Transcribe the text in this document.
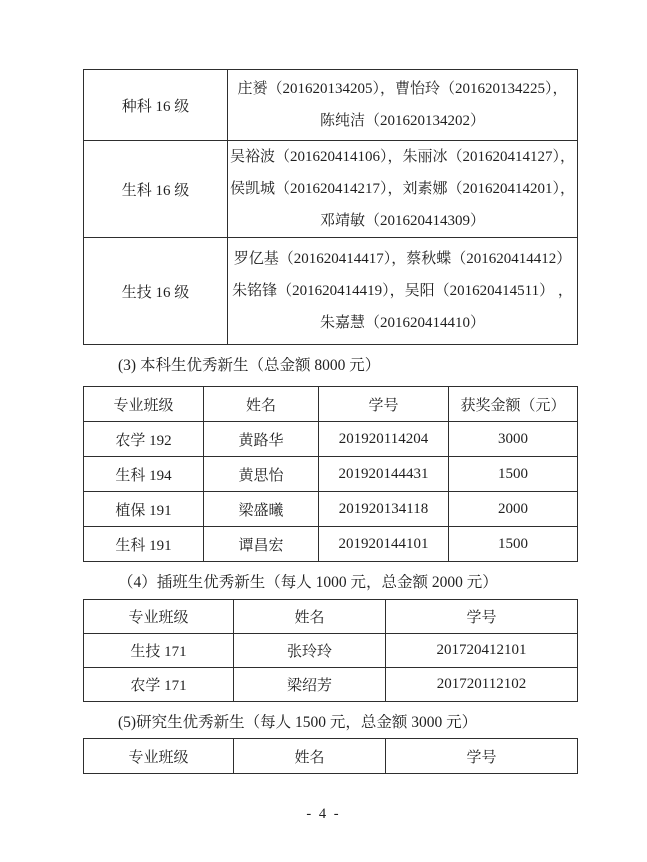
种科 16 级	庄赟（201620134205），曹怡玲（201620134225），
陈纯洁（201620134202）

生科 16 级	吴裕波（201620414106），朱丽冰（201620414127），
侯凯城（201620414217），刘素娜（201620414201），
邓靖敏（201620414309）

生技 16 级	罗亿基（201620414417），蔡秋蝶（201620414412）
朱铭锋（201620414419），吴阳（201620414511） ，
朱嘉慧（201620414410）
(3) 本科生优秀新生（总金额 8000 元）
专业班级	姓名	学号	获奖金额（元）
农学 192	黄路华	201920114204	3000
生科 194	黄思怡	201920144431	1500
植保 191	梁盛曦	201920134118	2000
生科 191	谭昌宏	201920144101	1500
（4）插班生优秀新生（每人 1000 元，总金额 2000 元）
专业班级	姓名	学号
生技 171	张玲玲	201720412101
农学 171	梁绍芳	201720112102
(5)研究生优秀新生（每人 1500 元，总金额 3000 元）
专业班级	姓名	学号
- 4 -
